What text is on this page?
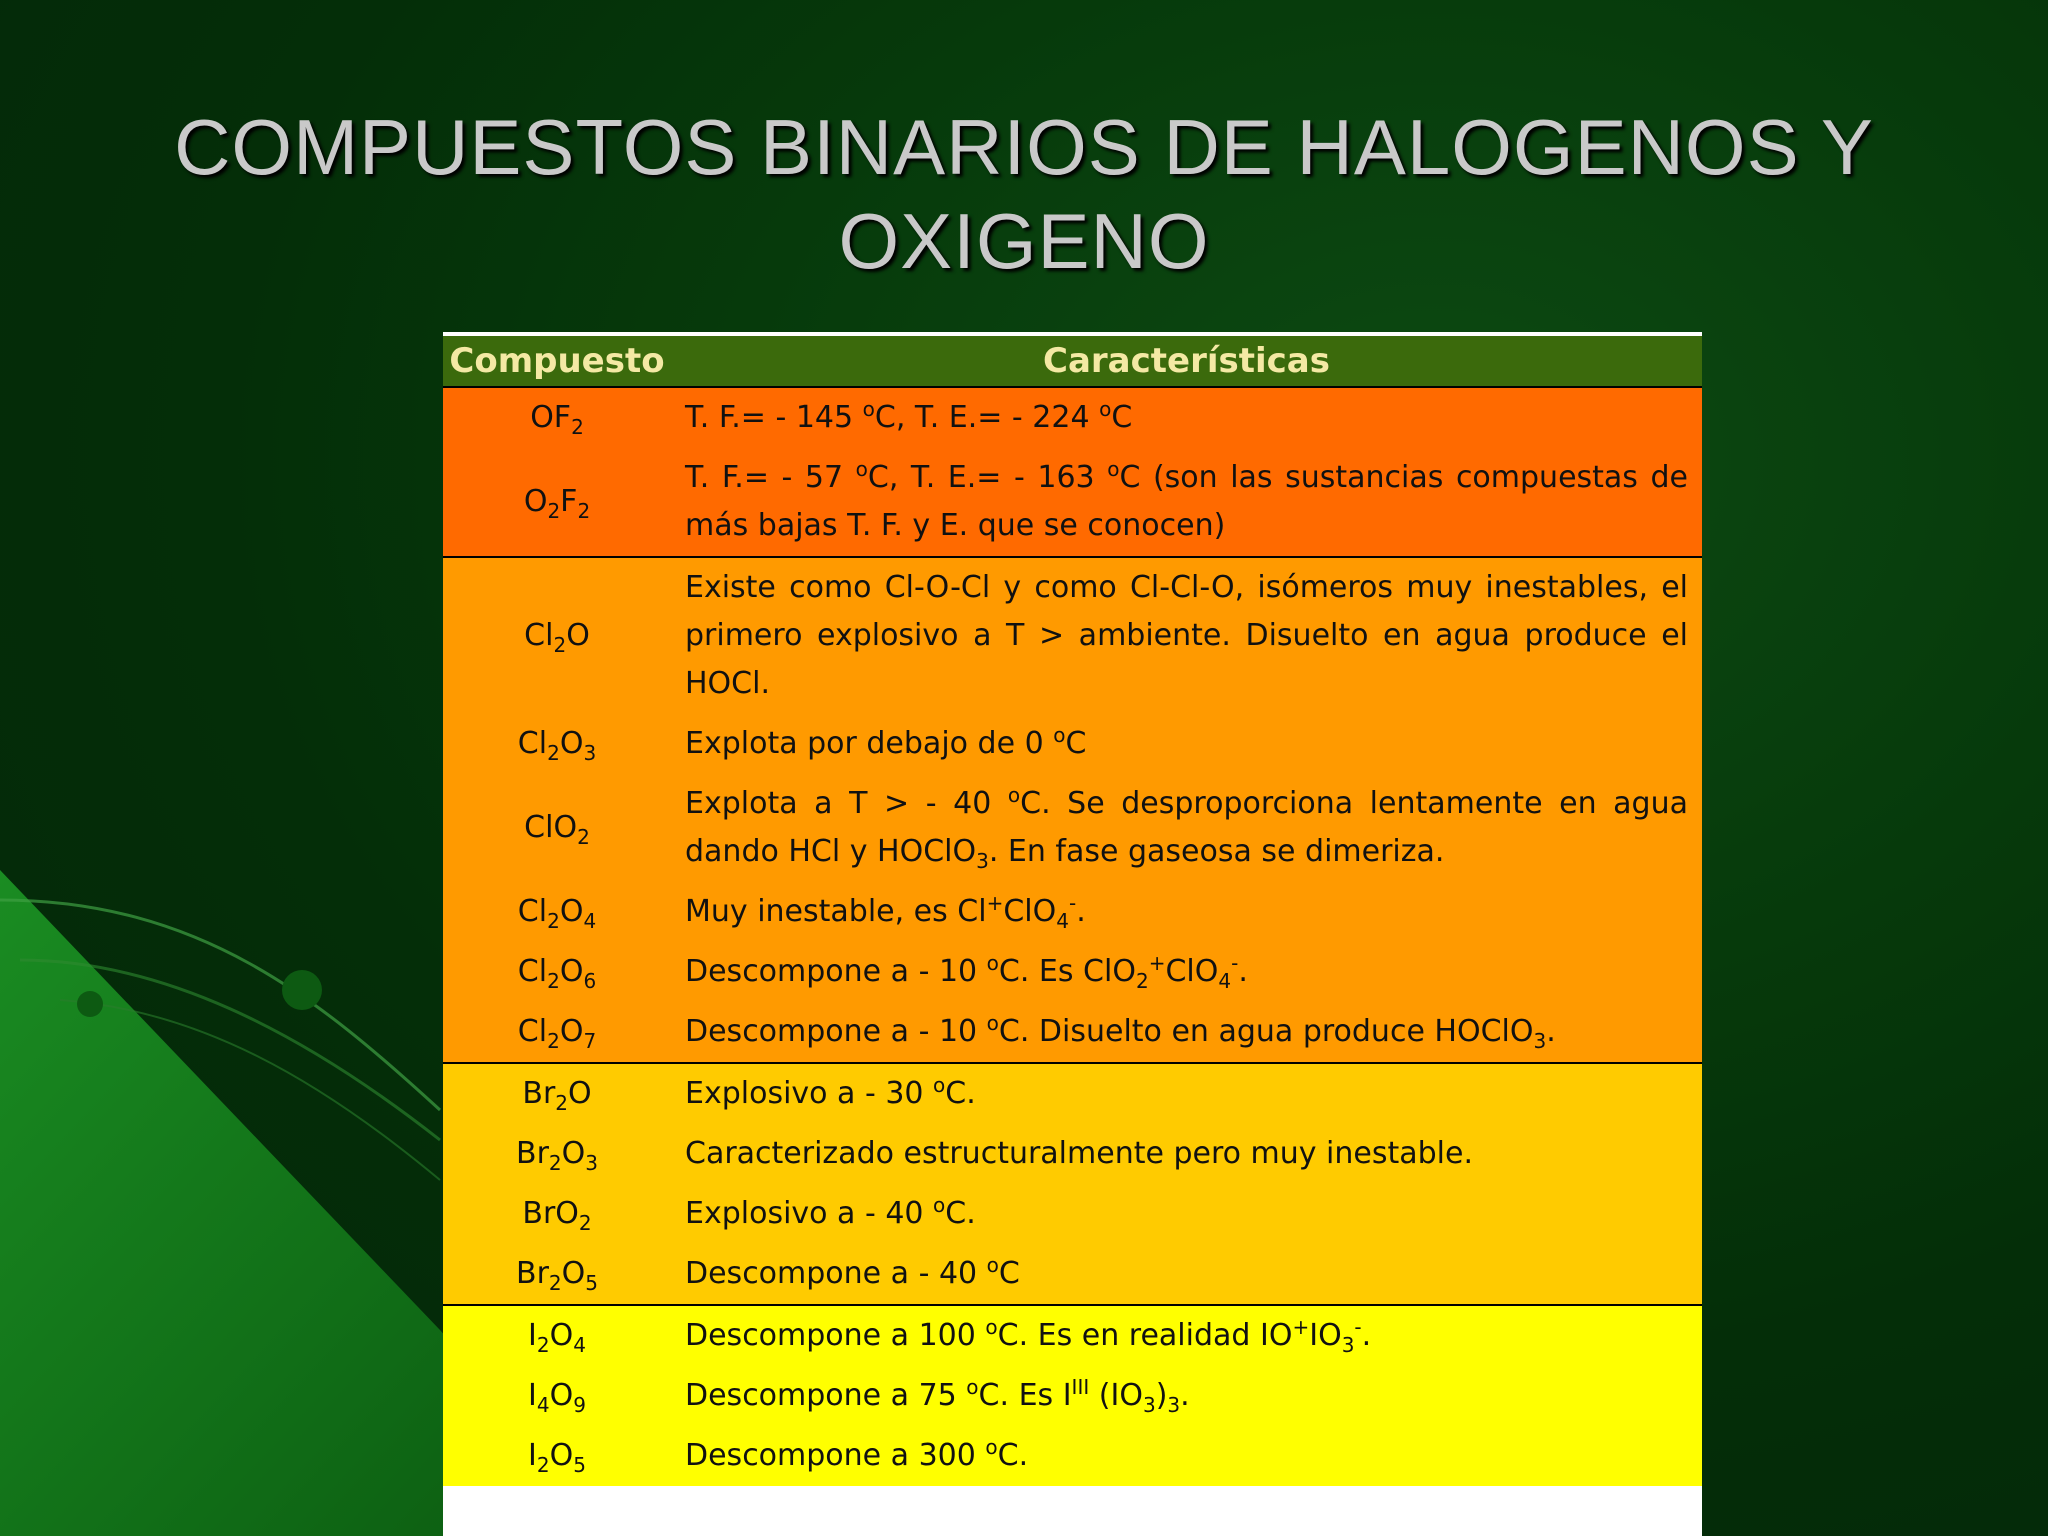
COMPUESTOS BINARIOS DE HALOGENOS Y
OXIGENO
Compuesto	Características
$OF_2$	T. F.= - 145 $^o$C, T. E.= - 224 $^o$C
$O_2F_2$	T. F.= - 57 $^o$C, T. E.= - 163 $^o$C (son las sustancias compuestas de más bajas T. F. y E. que se conocen)
$Cl_2O$	Existe como Cl-O-Cl y como Cl-Cl-O, isómeros muy inestables, el primero explosivo a T > ambiente. Disuelto en agua produce el HOCl.
$Cl_2O_3$	Explota por debajo de 0 $^o$C
ClO$_2$	Explota a T > - 40 $^o$C. Se desproporciona lentamente en agua dando HCl y HOClO$_3$. En fase gaseosa se dimeriza.
$Cl_2O_4$	Muy inestable, es Cl+ClO$_4$-.
$Cl_2O_6$	Descompone a - 10 $^o$C. Es ClO$_2$+ClO$_4$-.
$Cl_2O_7$	Descompone a - 10 $^o$C. Disuelto en agua produce HOClO$_3$.
$Br_2O$	Explosivo a - 30 $^o$C.
$Br_2O_3$	Caracterizado estructuralmente pero muy inestable.
BrO$_2$	Explosivo a - 40 $^o$C.
$Br_2O_5$	Descompone a - 40 $^o$C
$I_2O_4$	Descompone a 100 $^o$C. Es en realidad $IO^+IO_3^-$.
$I_4O_9$	Descompone a 75 $^o$C. Es $I^{III}$ $(IO_3)_3$.
$I_2O_5$	Descompone a 300 $^o$C.
